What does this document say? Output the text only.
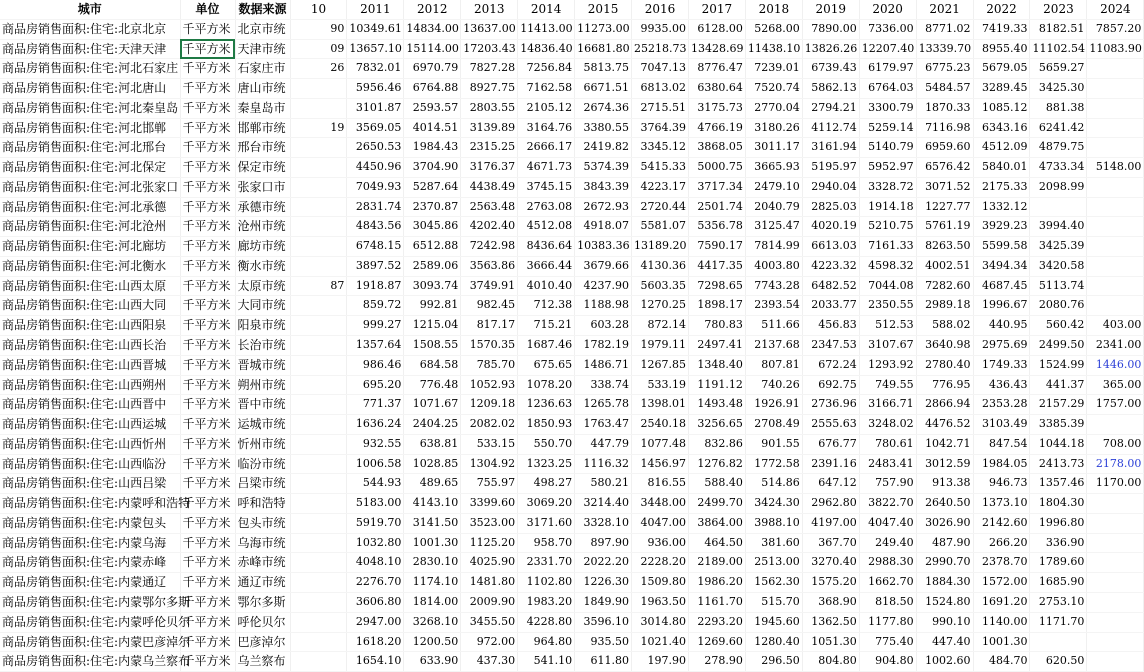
城市	单位	数据来源	10	2011	2012	2013	2014	2015	2016	2017	2018	2019	2020	2021	2022	2023	2024
商品房销售面积:住宅:北京北京	千平方米	北京市统	90	10349.61	14834.00	13637.00	11413.00	11273.00	9935.00	6128.00	5268.00	7890.00	7336.00	8771.02	7419.33	8182.51	7857.20
商品房销售面积:住宅:天津天津	千平方米	天津市统	09	13657.10	15114.00	17203.43	14836.40	16681.80	25218.73	13428.69	11438.10	13826.26	12207.40	13339.70	8955.40	11102.54	11083.90
商品房销售面积:住宅:河北石家庄	千平方米	石家庄市	26	7832.01	6970.79	7827.28	7256.84	5813.75	7047.13	8776.47	7239.01	6739.43	6179.97	6775.23	5679.05	5659.27	
商品房销售面积:住宅:河北唐山	千平方米	唐山市统		5956.46	6764.88	8927.75	7162.58	6671.51	6813.02	6380.64	7520.74	5862.13	6764.03	5484.57	3289.45	3425.30	
商品房销售面积:住宅:河北秦皇岛	千平方米	秦皇岛市		3101.87	2593.57	2803.55	2105.12	2674.36	2715.51	3175.73	2770.04	2794.21	3300.79	1870.33	1085.12	881.38	
商品房销售面积:住宅:河北邯郸	千平方米	邯郸市统	19	3569.05	4014.51	3139.89	3164.76	3380.55	3764.39	4766.19	3180.26	4112.74	5259.14	7116.98	6343.16	6241.42	
商品房销售面积:住宅:河北邢台	千平方米	邢台市统		2650.53	1984.43	2315.25	2666.17	2419.82	3345.12	3868.05	3011.17	3161.94	5140.79	6959.60	4512.09	4879.75	
商品房销售面积:住宅:河北保定	千平方米	保定市统		4450.96	3704.90	3176.37	4671.73	5374.39	5415.33	5000.75	3665.93	5195.97	5952.97	6576.42	5840.01	4733.34	5148.00
商品房销售面积:住宅:河北张家口	千平方米	张家口市		7049.93	5287.64	4438.49	3745.15	3843.39	4223.17	3717.34	2479.10	2940.04	3328.72	3071.52	2175.33	2098.99	
商品房销售面积:住宅:河北承德	千平方米	承德市统		2831.74	2370.87	2563.48	2763.08	2672.93	2720.44	2501.74	2040.79	2825.03	1914.18	1227.77	1332.12		
商品房销售面积:住宅:河北沧州	千平方米	沧州市统		4843.56	3045.86	4202.40	4512.08	4918.07	5581.07	5356.78	3125.47	4020.19	5210.75	5761.19	3929.23	3994.40	
商品房销售面积:住宅:河北廊坊	千平方米	廊坊市统		6748.15	6512.88	7242.98	8436.64	10383.36	13189.20	7590.17	7814.99	6613.03	7161.33	8263.50	5599.58	3425.39	
商品房销售面积:住宅:河北衡水	千平方米	衡水市统		3897.52	2589.06	3563.86	3666.44	3679.66	4130.36	4417.35	4003.80	4223.32	4598.32	4002.51	3494.34	3420.58	
商品房销售面积:住宅:山西太原	千平方米	太原市统	87	1918.87	3093.74	3749.91	4010.40	4237.90	5603.35	7298.65	7743.28	6482.52	7044.08	7282.60	4687.45	5113.74	
商品房销售面积:住宅:山西大同	千平方米	大同市统		859.72	992.81	982.45	712.38	1188.98	1270.25	1898.17	2393.54	2033.77	2350.55	2989.18	1996.67	2080.76	
商品房销售面积:住宅:山西阳泉	千平方米	阳泉市统		999.27	1215.04	817.17	715.21	603.28	872.14	780.83	511.66	456.83	512.53	588.02	440.95	560.42	403.00
商品房销售面积:住宅:山西长治	千平方米	长治市统		1357.64	1508.55	1570.35	1687.46	1782.19	1979.11	2497.41	2137.68	2347.53	3107.67	3640.98	2975.69	2499.50	2341.00
商品房销售面积:住宅:山西晋城	千平方米	晋城市统		986.46	684.58	785.70	675.65	1486.71	1267.85	1348.40	807.81	672.24	1293.92	2780.40	1749.33	1524.99	1446.00
商品房销售面积:住宅:山西朔州	千平方米	朔州市统		695.20	776.48	1052.93	1078.20	338.74	533.19	1191.12	740.26	692.75	749.55	776.95	436.43	441.37	365.00
商品房销售面积:住宅:山西晋中	千平方米	晋中市统		771.37	1071.67	1209.18	1236.63	1265.78	1398.01	1493.48	1926.91	2736.96	3166.71	2866.94	2353.28	2157.29	1757.00
商品房销售面积:住宅:山西运城	千平方米	运城市统		1636.24	2404.25	2082.02	1850.93	1763.47	2540.18	3256.65	2708.49	2555.63	3248.02	4476.52	3103.49	3385.39	
商品房销售面积:住宅:山西忻州	千平方米	忻州市统		932.55	638.81	533.15	550.70	447.79	1077.48	832.86	901.55	676.77	780.61	1042.71	847.54	1044.18	708.00
商品房销售面积:住宅:山西临汾	千平方米	临汾市统		1006.58	1028.85	1304.92	1323.25	1116.32	1456.97	1276.82	1772.58	2391.16	2483.41	3012.59	1984.05	2413.73	2178.00
商品房销售面积:住宅:山西吕梁	千平方米	吕梁市统		544.93	489.65	755.97	498.27	580.21	816.55	588.40	514.86	647.12	757.90	913.38	946.73	1357.46	1170.00
商品房销售面积:住宅:内蒙呼和浩特	千平方米	呼和浩特		5183.00	4143.10	3399.60	3069.20	3214.40	3448.00	2499.70	3424.30	2962.80	3822.70	2640.50	1373.10	1804.30	
商品房销售面积:住宅:内蒙包头	千平方米	包头市统		5919.70	3141.50	3523.00	3171.60	3328.10	4047.00	3864.00	3988.10	4197.00	4047.40	3026.90	2142.60	1996.80	
商品房销售面积:住宅:内蒙乌海	千平方米	乌海市统		1032.80	1001.30	1125.20	958.70	897.90	936.00	464.50	381.60	367.70	249.40	487.90	266.20	336.90	
商品房销售面积:住宅:内蒙赤峰	千平方米	赤峰市统		4048.10	2830.10	4025.90	2331.70	2022.20	2228.20	2189.00	2513.00	3270.40	2988.30	2990.70	2378.70	1789.60	
商品房销售面积:住宅:内蒙通辽	千平方米	通辽市统		2276.70	1174.10	1481.80	1102.80	1226.30	1509.80	1986.20	1562.30	1575.20	1662.70	1884.30	1572.00	1685.90	
商品房销售面积:住宅:内蒙鄂尔多斯	千平方米	鄂尔多斯		3606.80	1814.00	2009.90	1983.20	1849.90	1963.50	1161.70	515.70	368.90	818.50	1524.80	1691.20	2753.10	
商品房销售面积:住宅:内蒙呼伦贝尔	千平方米	呼伦贝尔		2947.00	3268.10	3455.50	4228.80	3596.10	3014.80	2293.20	1945.60	1362.50	1177.80	990.10	1140.00	1171.70	
商品房销售面积:住宅:内蒙巴彦淖尔	千平方米	巴彦淖尔		1618.20	1200.50	972.00	964.80	935.50	1021.40	1269.60	1280.40	1051.30	775.40	447.40	1001.30		
商品房销售面积:住宅:内蒙乌兰察布	千平方米	乌兰察布		1654.10	633.90	437.30	541.10	611.80	197.90	278.90	296.50	804.80	904.80	1002.60	484.70	620.50	
